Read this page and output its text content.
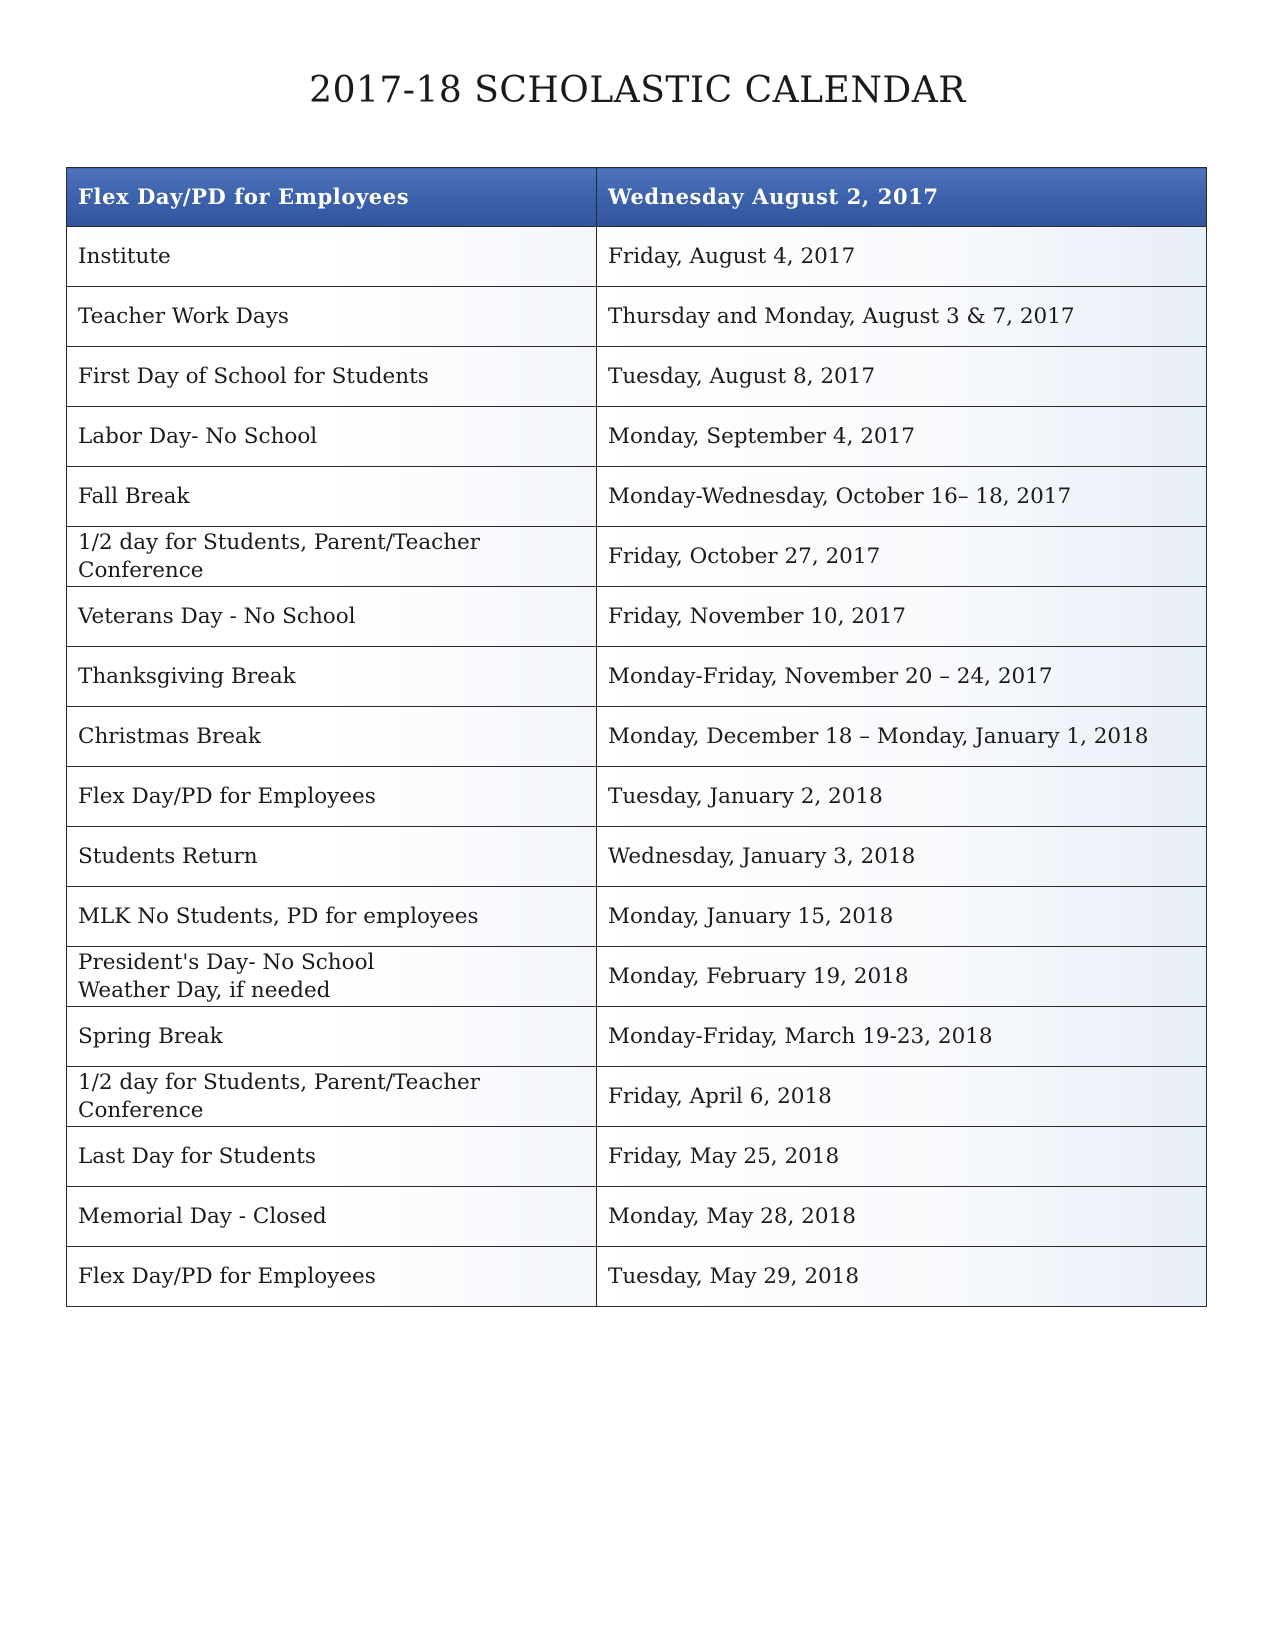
2017-18 SCHOLASTIC CALENDAR
Flex Day/PD for Employees	Wednesday August 2, 2017
Institute	Friday, August 4, 2017
Teacher Work Days	Thursday and Monday, August 3 & 7, 2017
First Day of School for Students	Tuesday, August 8, 2017
Labor Day- No School	Monday, September 4, 2017
Fall Break	Monday-Wednesday, October 16– 18, 2017
1/2 day for Students, Parent/Teacher Conference	Friday, October 27, 2017
Veterans Day - No School	Friday, November 10, 2017
Thanksgiving Break	Monday-Friday, November 20 – 24, 2017
Christmas Break	Monday, December 18 – Monday, January 1, 2018
Flex Day/PD for Employees	Tuesday, January 2, 2018
Students Return	Wednesday, January 3, 2018
MLK No Students, PD for employees	Monday, January 15, 2018

President's Day- No School
Weather Day, if needed	Monday, February 19, 2018
Spring Break	Monday-Friday, March 19-23, 2018
1/2 day for Students, Parent/Teacher Conference	Friday, April 6, 2018
Last Day for Students	Friday, May 25, 2018
Memorial Day - Closed	Monday, May 28, 2018
Flex Day/PD for Employees	Tuesday, May 29, 2018
